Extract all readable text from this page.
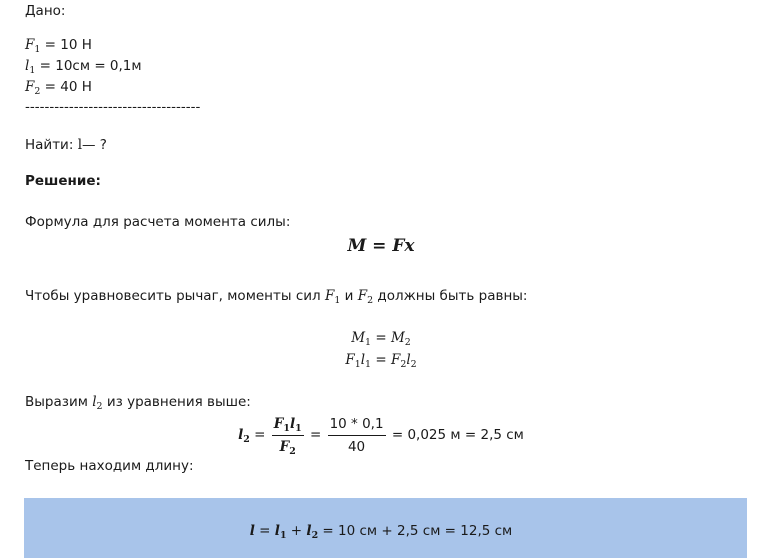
Дано:
$F_1 = 10$ Н
$l_1 = 10см = 0,1м$
$F_2 = 40$ Н
------------------------------------
Найти: l— ?
Решение:
Формула для расчета момента силы:
M = Fx
Чтобы уравновесить рычаг, моменты сил $F_1$ и $F_2$ должны быть равны:
$M_1 = M_2$
$F_1l_1 = F_2l_2$
Выразим $l_2$ из уравнения выше:
$l_2 = \frac{F_1l_1}{F_2} = \frac{10 * 0,1}{40} = 0,025$ м = 2,5 см
Теперь находим длину:
$l = l_1 + l_2 = 10$ см + 2,5 см = 12,5 см
